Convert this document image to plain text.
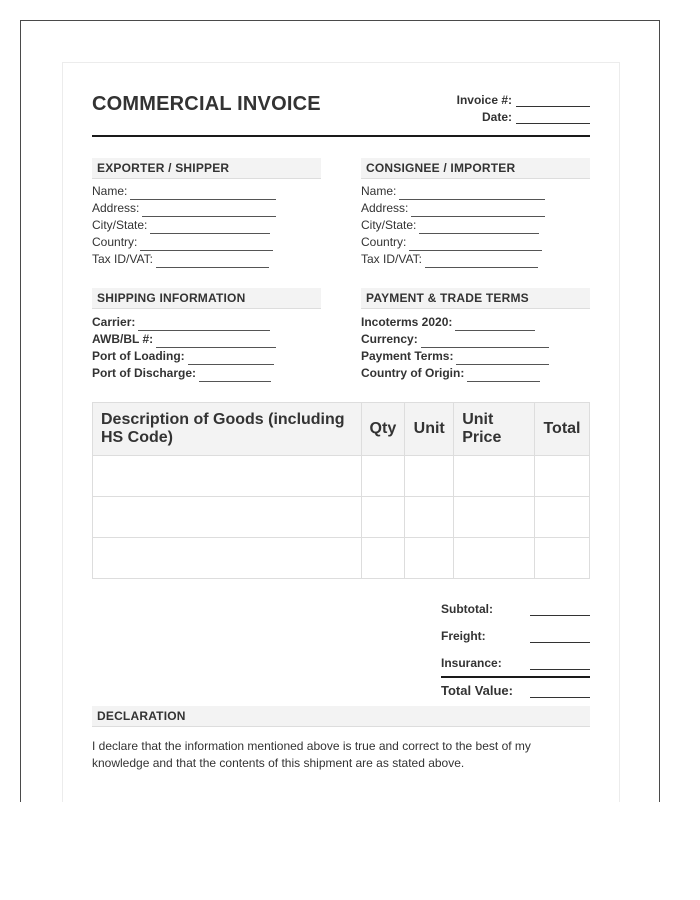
COMMERCIAL INVOICE	Invoice #:
Date:
EXPORTER / SHIPPER
Name:
Address:
City/State:
Country:
Tax ID/VAT:
CONSIGNEE / IMPORTER
Name:
Address:
City/State:
Country:
Tax ID/VAT:
SHIPPING INFORMATION
Carrier:
AWB/BL #:
Port of Loading:
Port of Discharge:
PAYMENT & TRADE TERMS
Incoterms 2020:
Currency:
Payment Terms:
Country of Origin:
Description of Goods (including HS Code)	Qty	Unit	Unit Price	Total

Subtotal:
Freight:
Insurance:
Total Value:
DECLARATION
I declare that the information mentioned above is true and correct to the best of my knowledge and that the contents of this shipment are as stated above.
